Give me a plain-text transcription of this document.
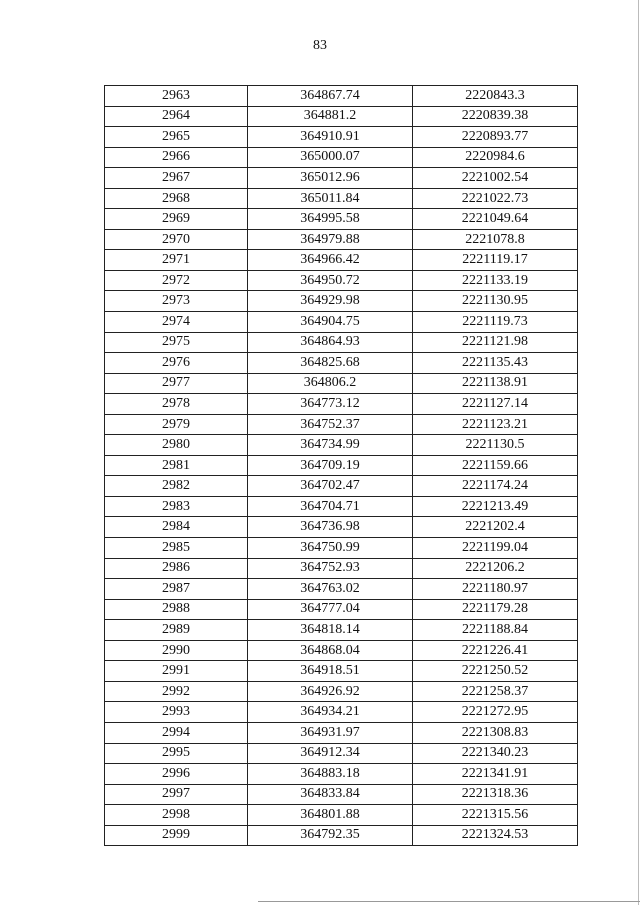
83
2963	364867.74	2220843.3
2964	364881.2	2220839.38
2965	364910.91	2220893.77
2966	365000.07	2220984.6
2967	365012.96	2221002.54
2968	365011.84	2221022.73
2969	364995.58	2221049.64
2970	364979.88	2221078.8
2971	364966.42	2221119.17
2972	364950.72	2221133.19
2973	364929.98	2221130.95
2974	364904.75	2221119.73
2975	364864.93	2221121.98
2976	364825.68	2221135.43
2977	364806.2	2221138.91
2978	364773.12	2221127.14
2979	364752.37	2221123.21
2980	364734.99	2221130.5
2981	364709.19	2221159.66
2982	364702.47	2221174.24
2983	364704.71	2221213.49
2984	364736.98	2221202.4
2985	364750.99	2221199.04
2986	364752.93	2221206.2
2987	364763.02	2221180.97
2988	364777.04	2221179.28
2989	364818.14	2221188.84
2990	364868.04	2221226.41
2991	364918.51	2221250.52
2992	364926.92	2221258.37
2993	364934.21	2221272.95
2994	364931.97	2221308.83
2995	364912.34	2221340.23
2996	364883.18	2221341.91
2997	364833.84	2221318.36
2998	364801.88	2221315.56
2999	364792.35	2221324.53
